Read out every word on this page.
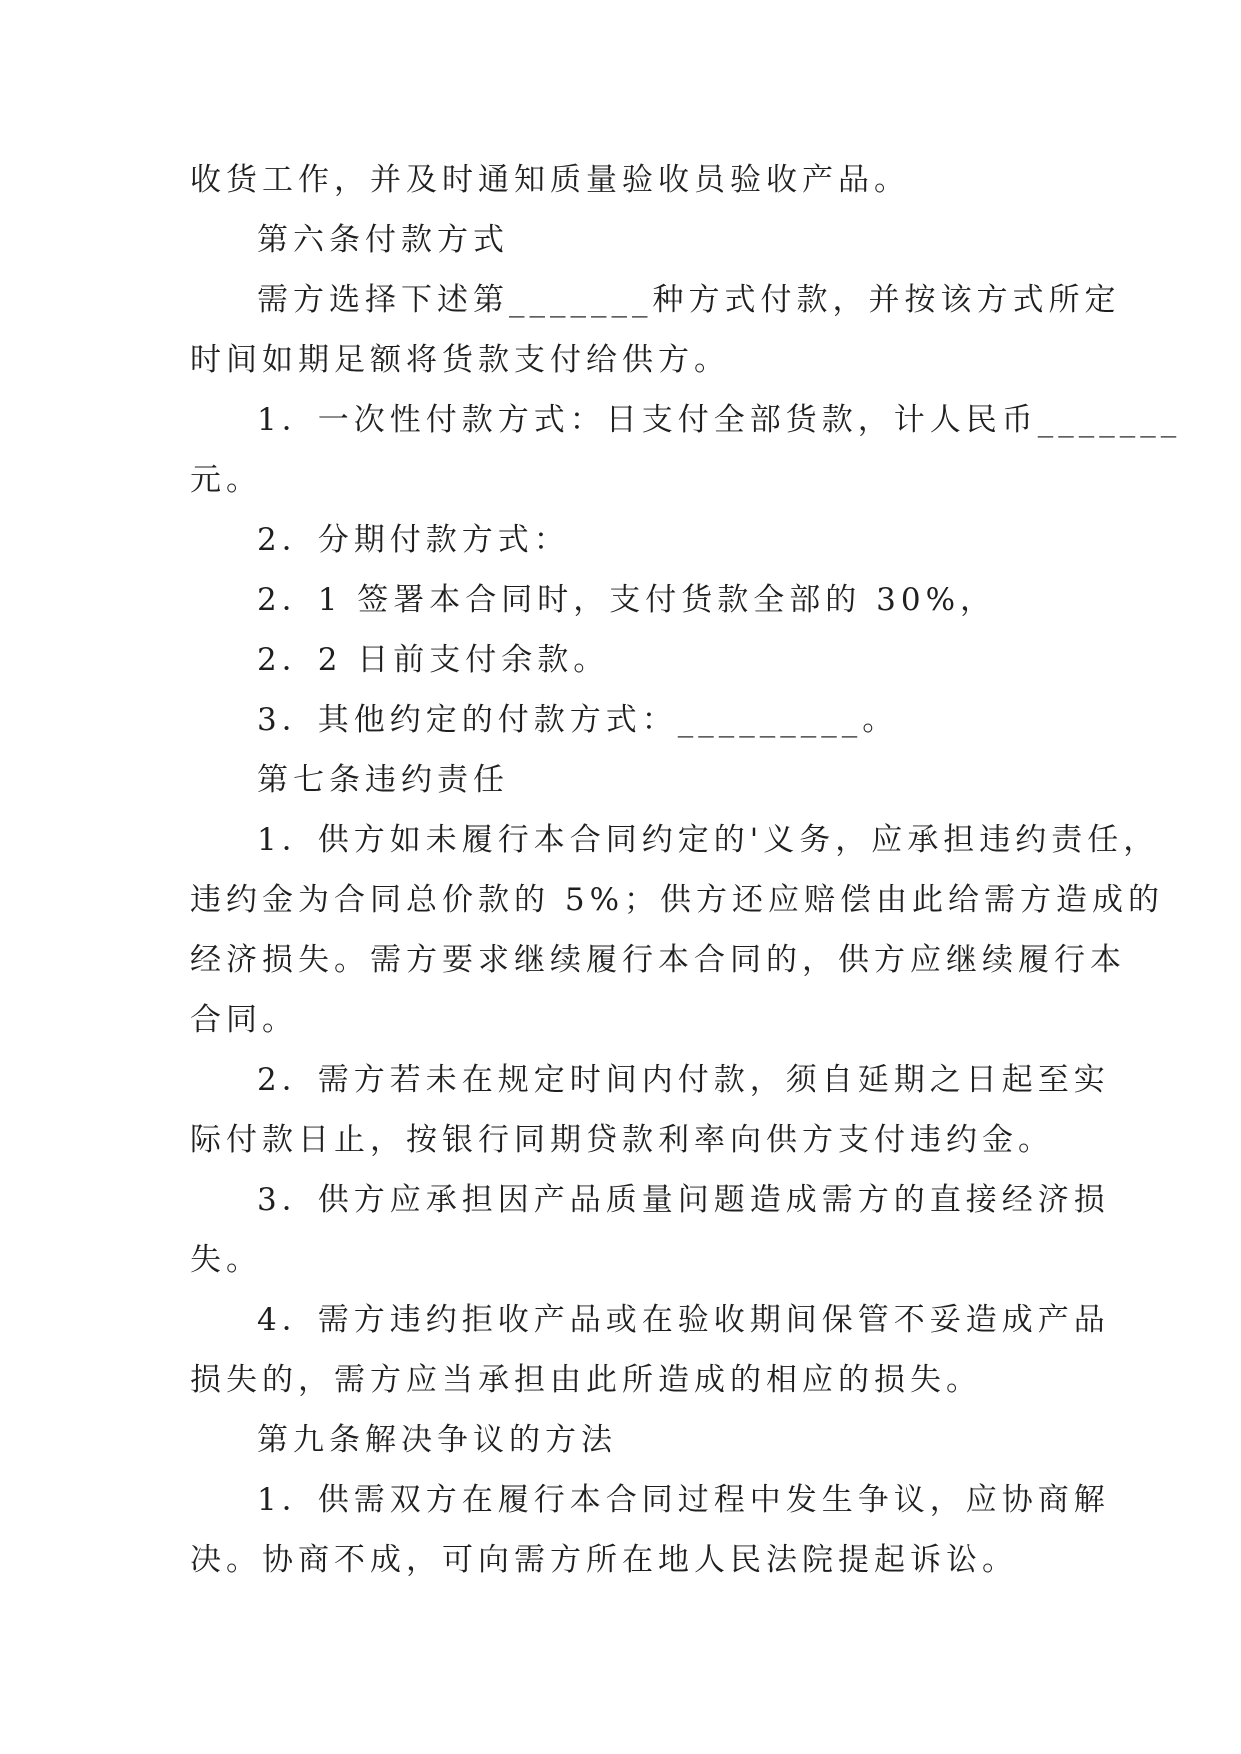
收货工作，并及时通知质量验收员验收产品。
第六条付款方式
需方选择下述第_______种方式付款，并按该方式所定
时间如期足额将货款支付给供方。
1．一次性付款方式：日支付全部货款，计人民币_______
元。
2．分期付款方式：
2．1 签署本合同时，支付货款全部的 30%，
2．2 日前支付余款。
3．其他约定的付款方式：_________。
第七条违约责任
1．供方如未履行本合同约定的'义务，应承担违约责任，
违约金为合同总价款的 5%；供方还应赔偿由此给需方造成的
经济损失。需方要求继续履行本合同的，供方应继续履行本
合同。
2．需方若未在规定时间内付款，须自延期之日起至实
际付款日止，按银行同期贷款利率向供方支付违约金。
3．供方应承担因产品质量问题造成需方的直接经济损
失。
4．需方违约拒收产品或在验收期间保管不妥造成产品
损失的，需方应当承担由此所造成的相应的损失。
第九条解决争议的方法
1．供需双方在履行本合同过程中发生争议，应协商解
决。协商不成，可向需方所在地人民法院提起诉讼。
